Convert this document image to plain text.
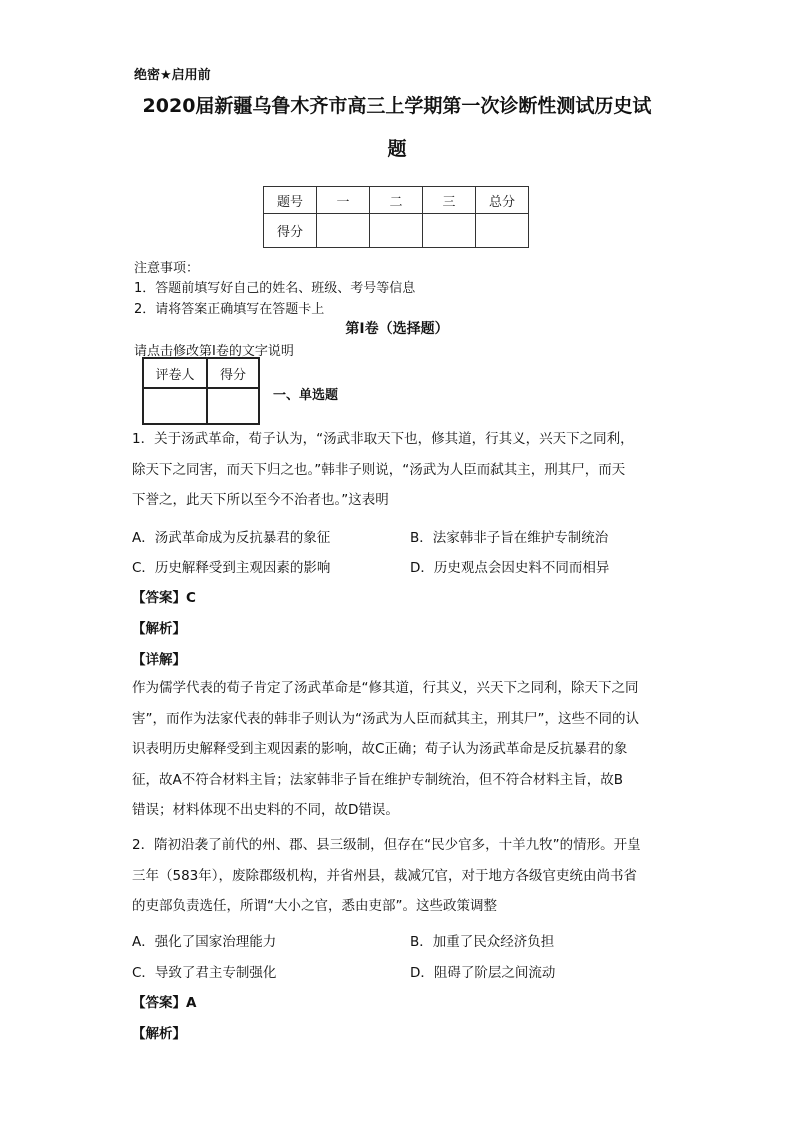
绝密★启用前
2020届新疆乌鲁木齐市高三上学期第一次诊断性测试历史试
题
题号	一	二	三	总分
得分				
注意事项：
1．答题前填写好自己的姓名、班级、考号等信息
2．请将答案正确填写在答题卡上
第I卷（选择题）
请点击修改第I卷的文字说明
评卷人	得分

一、单选题
1．关于汤武革命，荀子认为，“汤武非取天下也，修其道，行其义，兴天下之同利，
除天下之同害，而天下归之也。”韩非子则说，“汤武为人臣而弑其主，刑其尸，而天
下誉之，此天下所以至今不治者也。”这表明
A．汤武革命成为反抗暴君的象征	B．法家韩非子旨在维护专制统治
C．历史解释受到主观因素的影响	D．历史观点会因史料不同而相异
【答案】C
【解析】
【详解】
作为儒学代表的荀子肯定了汤武革命是“修其道，行其义，兴天下之同利，除天下之同
害”，而作为法家代表的韩非子则认为“汤武为人臣而弑其主，刑其尸”，这些不同的认
识表明历史解释受到主观因素的影响，故C正确；荀子认为汤武革命是反抗暴君的象
征，故A不符合材料主旨；法家韩非子旨在维护专制统治，但不符合材料主旨，故B
错误；材料体现不出史料的不同，故D错误。
2．隋初沿袭了前代的州、郡、县三级制，但存在“民少官多，十羊九牧”的情形。开皇
三年（583年），废除郡级机构，并省州县，裁减冗官，对于地方各级官吏统由尚书省
的吏部负责选任，所谓“大小之官，悉由吏部”。这些政策调整
A．强化了国家治理能力	B．加重了民众经济负担
C．导致了君主专制强化	D．阻碍了阶层之间流动
【答案】A
【解析】
